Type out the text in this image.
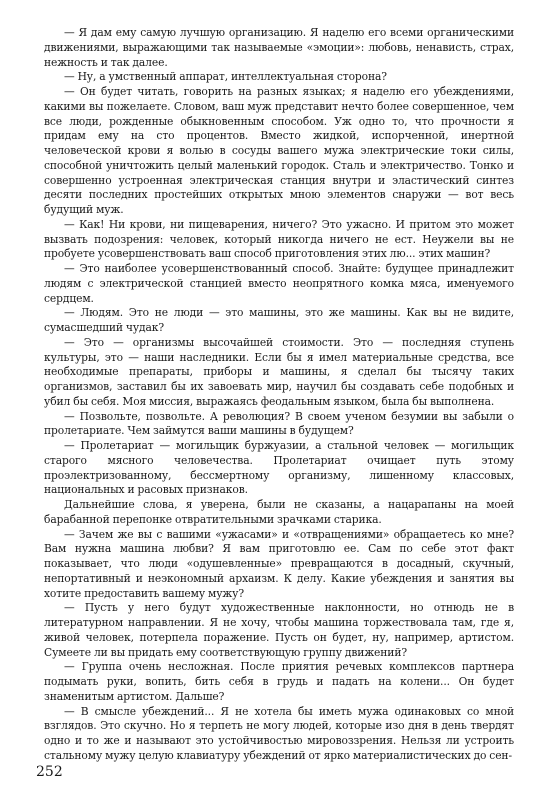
— Я дам ему самую лучшую организацию. Я наделю его всеми органическими движениями, выражающими так называемые «эмоции»: любовь, ненависть, страх, нежность и так далее.

— Ну, а умственный аппарат, интеллектуальная сторона?

— Он будет читать, говорить на разных языках; я наделю его убеждениями, какими вы пожелаете. Словом, ваш муж представит нечто более совершенное, чем все люди, рожденные обыкновенным способом. Уж одно то, что прочности я придам ему на сто процентов. Вместо жидкой, испорченной, инертной человеческой крови я волью в сосуды вашего мужа электрические токи силы, способной уничтожить целый маленький городок. Сталь и электричество. Тонко и совершенно устроенная электрическая станция внутри и эластический синтез десяти последних простейших открытых мною элементов снаружи — вот весь будущий муж.

— Как! Ни крови, ни пищеварения, ничего? Это ужасно. И притом это может вызвать подозрения: человек, который никогда ничего не ест. Неужели вы не пробуете усовершенствовать ваш способ приготовления этих лю... этих машин?

— Это наиболее усовершенствованный способ. Знайте: будущее принадлежит людям с электрической станцией вместо неопрятного комка мяса, именуемого сердцем.

— Людям. Это не люди — это машины, это же машины. Как вы не видите, сумасшедший чудак?

— Это — организмы высочайшей стоимости. Это — последняя ступень культуры, это — наши наследники. Если бы я имел материальные средства, все необходимые препараты, приборы и машины, я сделал бы тысячу таких организмов, заставил бы их завоевать мир, научил бы создавать себе подобных и убил бы себя. Моя миссия, выражаясь феодальным языком, была бы выполнена.

— Позвольте, позвольте. А революция? В своем ученом безумии вы забыли о пролетариате. Чем займутся ваши машины в будущем?

— Пролетариат — могильщик буржуазии, а стальной человек — могильщик старого мясного человечества. Пролетариат очищает путь этому проэлектризованному, бессмертному организму, лишенному классовых, национальных и расовых признаков.

Дальнейшие слова, я уверена, были не сказаны, а нацарапаны на моей барабанной перепонке отвратительными зрачками старика.

— Зачем же вы с вашими «ужасами» и «отвращениями» обращаетесь ко мне? Вам нужна машина любви? Я вам приготовлю ее. Сам по себе этот факт показывает, что люди «одушевленные» превращаются в досадный, скучный, непортативный и неэкономный архаизм. К делу. Какие убеждения и занятия вы хотите предоставить вашему мужу?

— Пусть у него будут художественные наклонности, но отнюдь не в литературном направлении. Я не хочу, чтобы машина торжествовала там, где я, живой человек, потерпела поражение. Пусть он будет, ну, например, артистом. Сумеете ли вы придать ему соответствующую группу движений?

— Группа очень несложная. После приятия речевых комплексов партнера подымать руки, вопить, бить себя в грудь и падать на колени... Он будет знаменитым артистом. Дальше?

— В смысле убеждений... Я не хотела бы иметь мужа одинаковых со мной взглядов. Это скучно. Но я терпеть не могу людей, которые изо дня в день твердят одно и то же и называют это устойчивостью мировоззрения. Нельзя ли устроить стальному мужу целую клавиатуру убеждений от ярко материалистических до сен-

252
